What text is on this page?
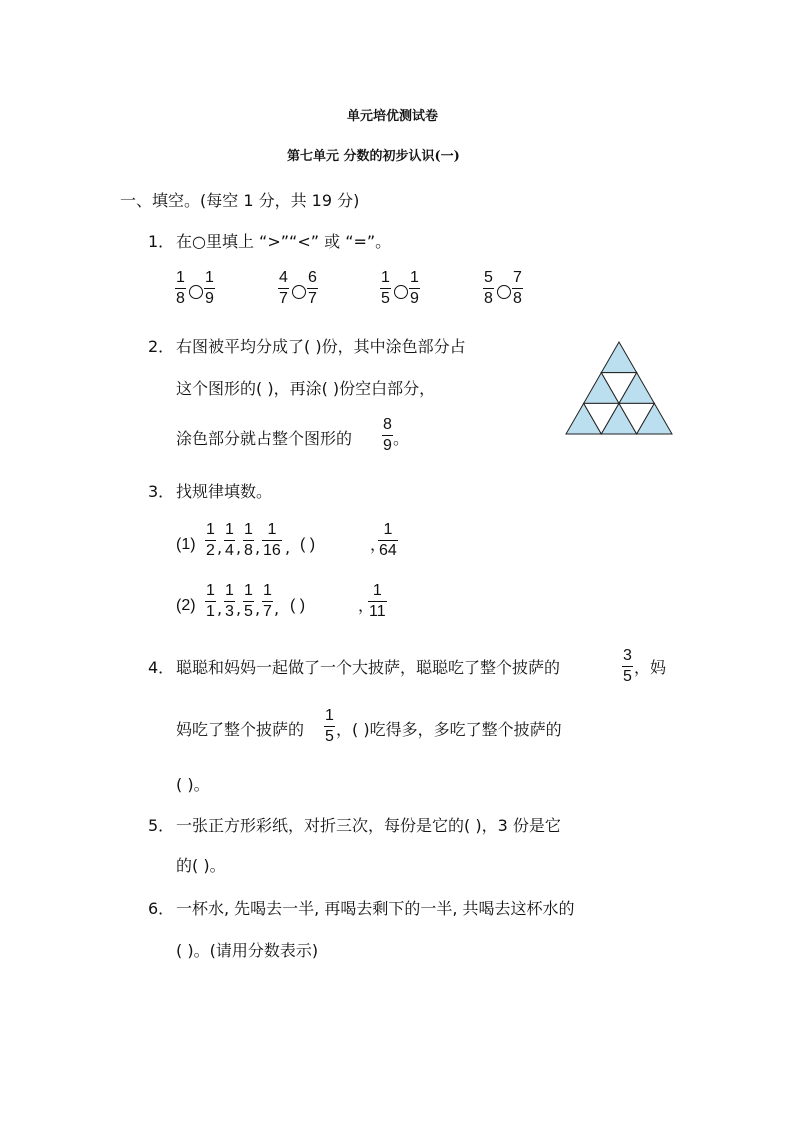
单元培优测试卷
第七单元 分数的初步认识(一)
一、填空。(每空 1 分，共 19 分)
1． 在○里填上 “>”“<” 或 “=”。
1
8
1
9
4
7
6
7
1
5
1
9
5
8
7
8
2． 右图被平均分成了( )份，其中涂色部分占
这个图形的( )，再涂( )份空白部分，
涂色部分就占整个图形的
8
9 。
3． 找规律填数。
(1)
1
2 ,
1
4 ,
1
8 ,
1
16 , ( )	，
1
64
(2)
1
1 ,
1
3 ,
1
5 ,
1
7 , ( )	，
1
11
4． 聪聪和妈妈一起做了一个大披萨，聪聪吃了整个披萨的
3
5 ，妈
妈吃了整个披萨的
1
5 ，( )吃得多，多吃了整个披萨的
( )。
5． 一张正方形彩纸，对折三次，每份是它的( )，3 份是它
的( )。
6． 一杯水, 先喝去一半, 再喝去剩下的一半, 共喝去这杯水的
( )。(请用分数表示)
